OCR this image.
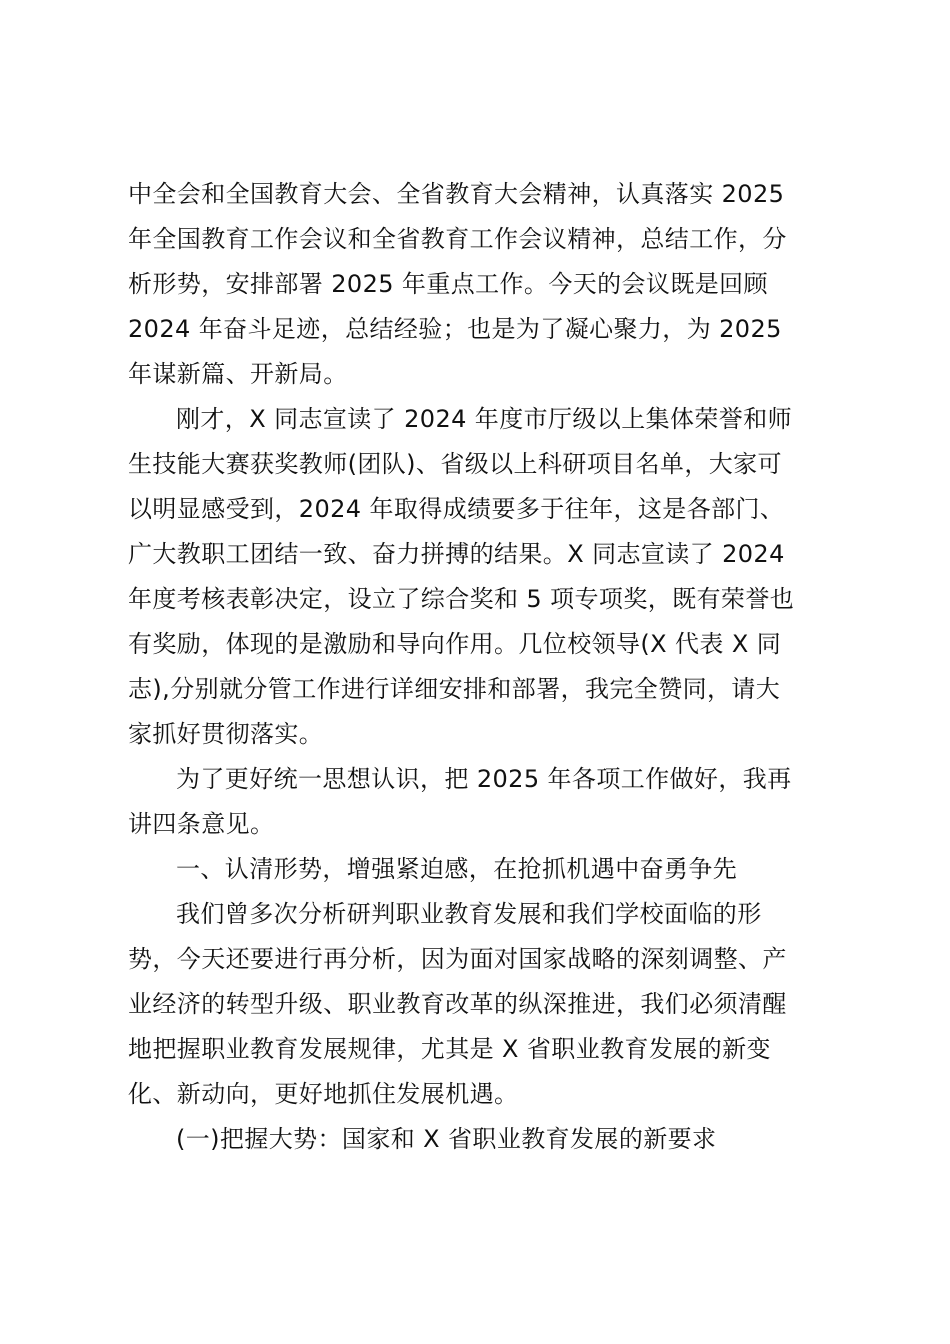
中全会和全国教育大会、全省教育大会精神，认真落实 2025
年全国教育工作会议和全省教育工作会议精神，总结工作，分
析形势，安排部署 2025 年重点工作。今天的会议既是回顾
2024 年奋斗足迹，总结经验；也是为了凝心聚力，为 2025
年谋新篇、开新局。
刚才，X 同志宣读了 2024 年度市厅级以上集体荣誉和师
生技能大赛获奖教师(团队)、省级以上科研项目名单，大家可
以明显感受到，2024 年取得成绩要多于往年，这是各部门、
广大教职工团结一致、奋力拼搏的结果。X 同志宣读了 2024
年度考核表彰决定，设立了综合奖和 5 项专项奖，既有荣誉也
有奖励，体现的是激励和导向作用。几位校领导(X 代表 X 同
志),分别就分管工作进行详细安排和部署，我完全赞同，请大
家抓好贯彻落实。
为了更好统一思想认识，把 2025 年各项工作做好，我再
讲四条意见。
一、认清形势，增强紧迫感，在抢抓机遇中奋勇争先
我们曾多次分析研判职业教育发展和我们学校面临的形
势，今天还要进行再分析，因为面对国家战略的深刻调整、产
业经济的转型升级、职业教育改革的纵深推进，我们必须清醒
地把握职业教育发展规律，尤其是 X 省职业教育发展的新变
化、新动向，更好地抓住发展机遇。
(一)把握大势：国家和 X 省职业教育发展的新要求
